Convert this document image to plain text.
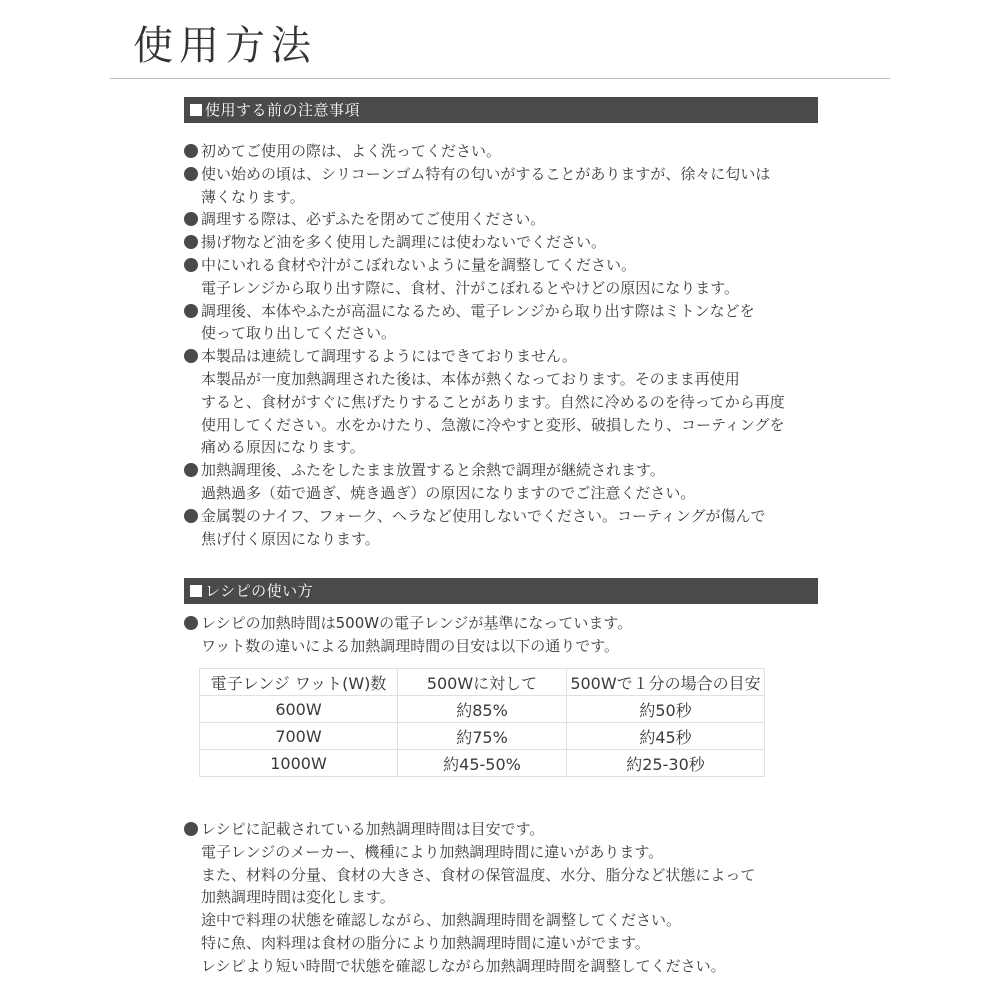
使用方法
使用する前の注意事項
初めてご使用の際は、よく洗ってください。
使い始めの頃は、シリコーンゴム特有の匂いがすることがありますが、徐々に匂いは
薄くなります。
調理する際は、必ずふたを閉めてご使用ください。
揚げ物など油を多く使用した調理には使わないでください。
中にいれる食材や汁がこぼれないように量を調整してください。
電子レンジから取り出す際に、食材、汁がこぼれるとやけどの原因になります。
調理後、本体やふたが高温になるため、電子レンジから取り出す際はミトンなどを
使って取り出してください。
本製品は連続して調理するようにはできておりません。
本製品が一度加熱調理された後は、本体が熱くなっております。そのまま再使用
すると、食材がすぐに焦げたりすることがあります。自然に冷めるのを待ってから再度
使用してください。水をかけたり、急激に冷やすと変形、破損したり、コーティングを
痛める原因になります。
加熱調理後、ふたをしたまま放置すると余熱で調理が継続されます。
過熱過多（茹で過ぎ、焼き過ぎ）の原因になりますのでご注意ください。
金属製のナイフ、フォーク、ヘラなど使用しないでください。コーティングが傷んで
焦げ付く原因になります。
レシピの使い方
レシピの加熱時間は500Wの電子レンジが基準になっています。
ワット数の違いによる加熱調理時間の目安は以下の通りです。
電子レンジ ワット(W)数	500Wに対して	500Wで１分の場合の目安
600W	約85%	約50秒
700W	約75%	約45秒
1000W	約45-50%	約25-30秒
レシピに記載されている加熱調理時間は目安です。
電子レンジのメーカー、機種により加熱調理時間に違いがあります。
また、材料の分量、食材の大きさ、食材の保管温度、水分、脂分など状態によって
加熱調理時間は変化します。
途中で料理の状態を確認しながら、加熱調理時間を調整してください。
特に魚、肉料理は食材の脂分により加熱調理時間に違いがでます。
レシピより短い時間で状態を確認しながら加熱調理時間を調整してください。
